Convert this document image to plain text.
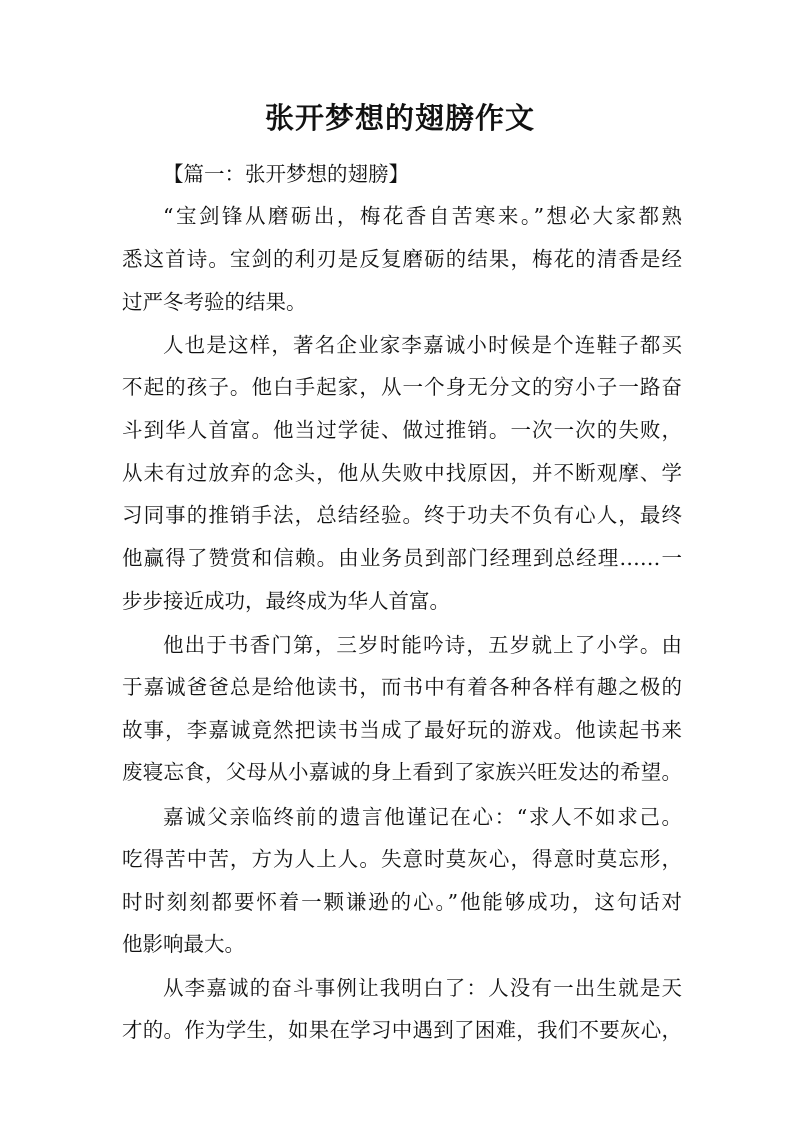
张开梦想的翅膀作文

【篇一：张开梦想的翅膀】

“宝剑锋从磨砺出，梅花香自苦寒来。”想必大家都熟

悉这首诗。宝剑的利刃是反复磨砺的结果，梅花的清香是经

过严冬考验的结果。

人也是这样，著名企业家李嘉诚小时候是个连鞋子都买

不起的孩子。他白手起家，从一个身无分文的穷小子一路奋

斗到华人首富。他当过学徒、做过推销。一次一次的失败，

从未有过放弃的念头，他从失败中找原因，并不断观摩、学

习同事的推销手法，总结经验。终于功夫不负有心人，最终

他赢得了赞赏和信赖。由业务员到部门经理到总经理……一

步步接近成功，最终成为华人首富。

他出于书香门第，三岁时能吟诗，五岁就上了小学。由

于嘉诚爸爸总是给他读书，而书中有着各种各样有趣之极的

故事，李嘉诚竟然把读书当成了最好玩的游戏。他读起书来

废寝忘食，父母从小嘉诚的身上看到了家族兴旺发达的希望。

嘉诚父亲临终前的遗言他谨记在心：“求人不如求己。

吃得苦中苦，方为人上人。失意时莫灰心，得意时莫忘形，

时时刻刻都要怀着一颗谦逊的心。”他能够成功，这句话对

他影响最大。

从李嘉诚的奋斗事例让我明白了：人没有一出生就是天

才的。作为学生，如果在学习中遇到了困难，我们不要灰心，
